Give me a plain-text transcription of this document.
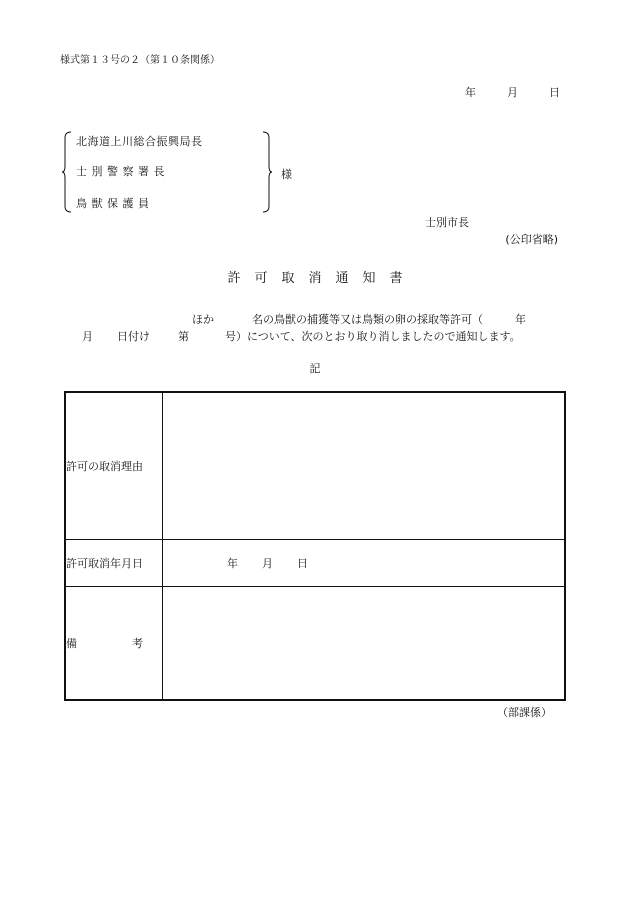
様式第１３号の２（第１０条関係）
年	月	日
北海道上川総合振興局長
士 別 警 察 署 長
鳥 獣 保 護 員
様
士別市長
(公印省略)
許可取消通知書
ほか	名の鳥獣の捕獲等又は鳥類の卵の採取等許可（	年
月 日付け	第	号）について、次のとおり取り消しましたので通知します。
記
許可の取消理由	
許可取消年月日	年 月 日
備　　　　　考	
（部課係）
